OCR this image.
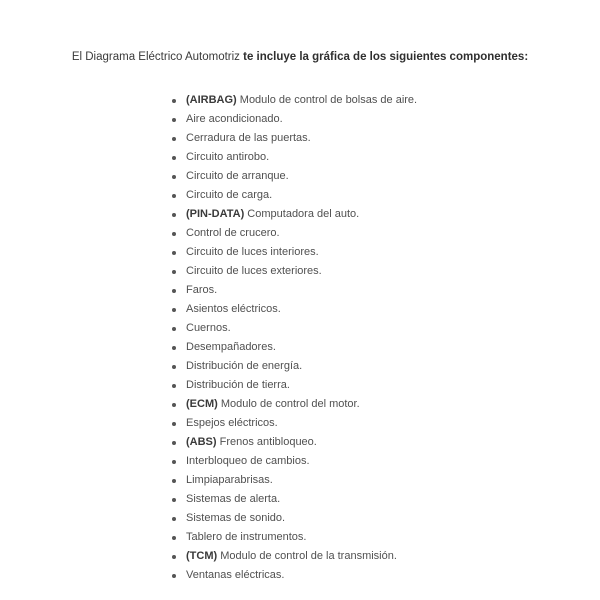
El Diagrama Eléctrico Automotriz te incluye la gráfica de los siguientes componentes:

(AIRBAG) Modulo de control de bolsas de aire.
Aire acondicionado.
Cerradura de las puertas.
Circuito antirobo.
Circuito de arranque.
Circuito de carga.
(PIN-DATA) Computadora del auto.
Control de crucero.
Circuito de luces interiores.
Circuito de luces exteriores.
Faros.
Asientos eléctricos.
Cuernos.
Desempañadores.
Distribución de energía.
Distribución de tierra.
(ECM) Modulo de control del motor.
Espejos eléctricos.
(ABS) Frenos antibloqueo.
Interbloqueo de cambios.
Limpiaparabrisas.
Sistemas de alerta.
Sistemas de sonido.
Tablero de instrumentos.
(TCM) Modulo de control de la transmisión.
Ventanas eléctricas.
